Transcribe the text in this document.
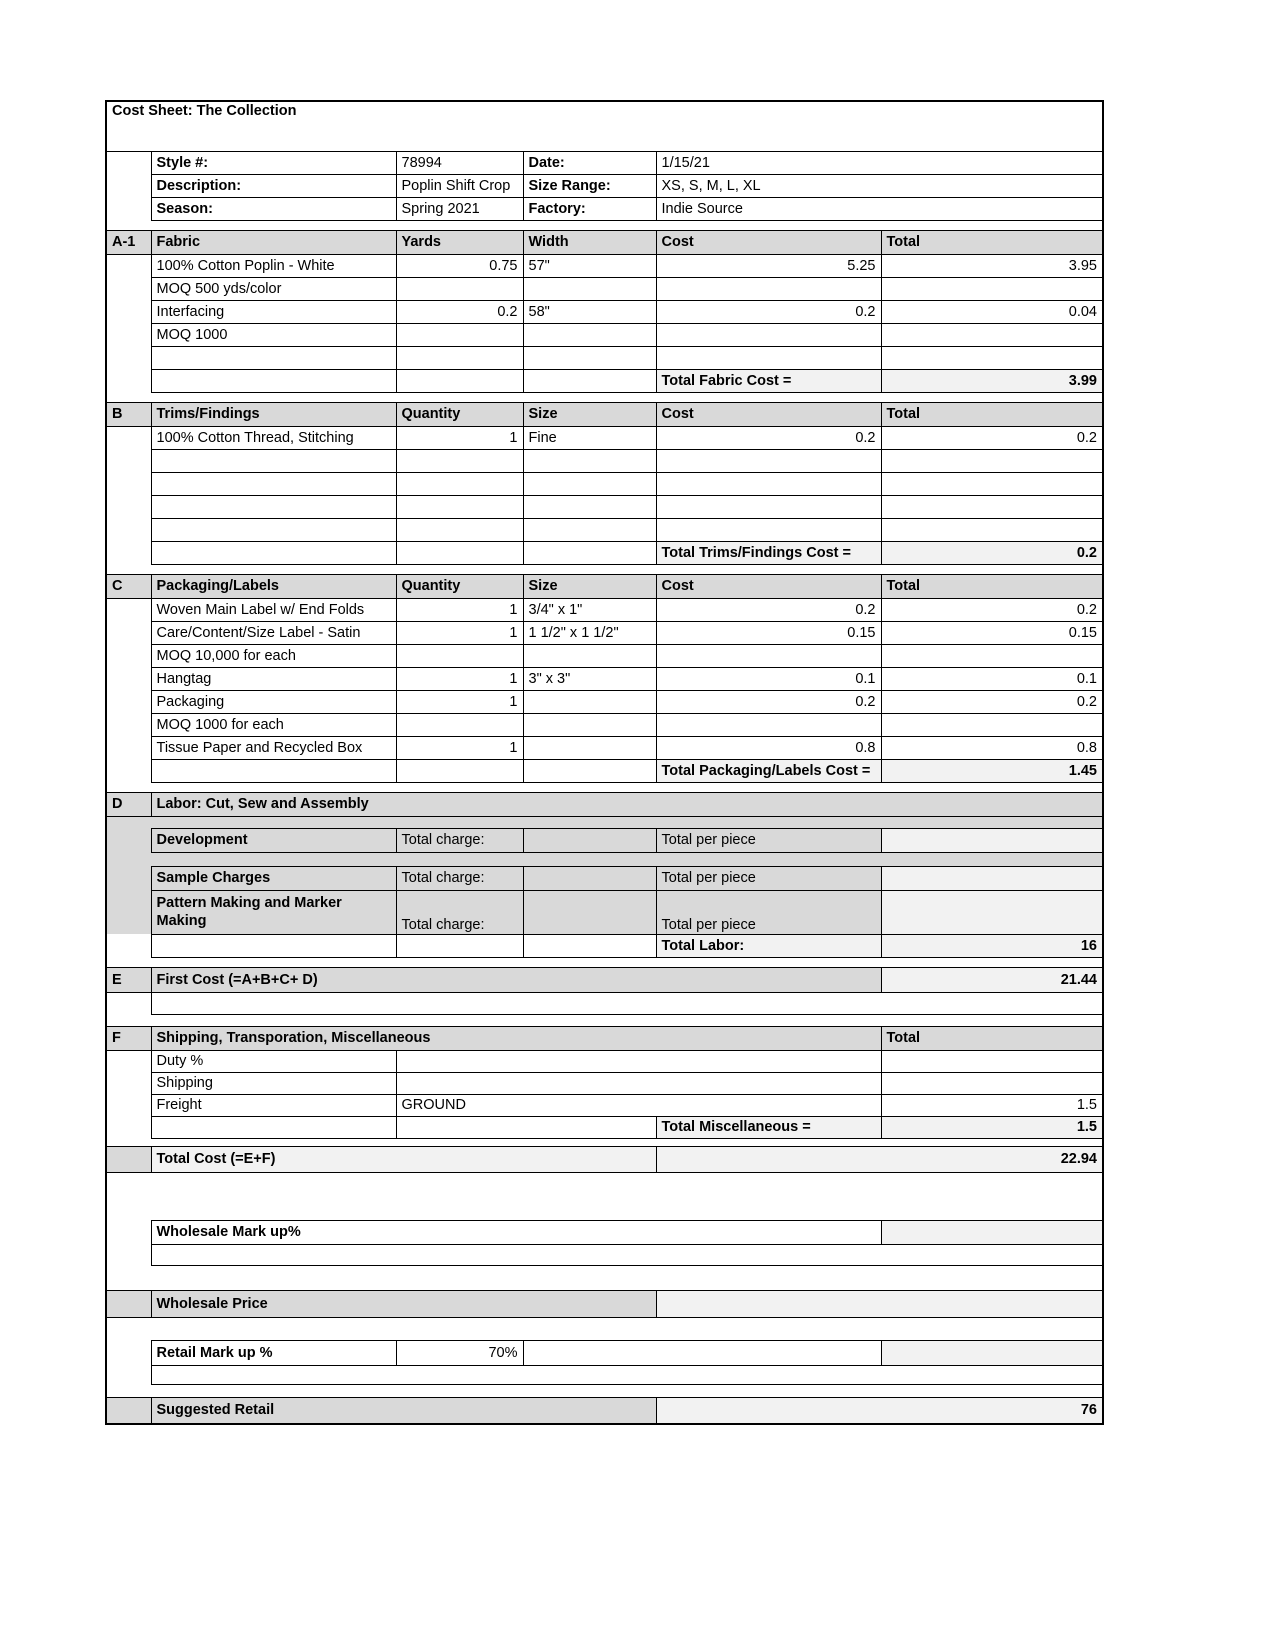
Cost Sheet: The Collection					
	Style #:	78994	Date:	1/15/21	
	Description:	Poplin Shift Crop	Size Range:	XS, S, M, L, XL	
	Season:	Spring 2021	Factory:	Indie Source	

A-1	Fabric	Yards	Width	Cost	Total
	100% Cotton Poplin - White	0.75	57"	5.25	3.95
	MOQ 500 yds/color				
	Interfacing	0.2	58"	0.2	0.04
	MOQ 1000				

				Total Fabric Cost =	3.99

B	Trims/Findings	Quantity	Size	Cost	Total
	100% Cotton Thread, Stitching	1	Fine	0.2	0.2

				Total Trims/Findings Cost =	0.2

C	Packaging/Labels	Quantity	Size	Cost	Total
	Woven Main Label w/ End Folds	1	3/4" x 1"	0.2	0.2
	Care/Content/Size Label - Satin	1	1 1/2" x 1 1/2"	0.15	0.15
	MOQ 10,000 for each				
	Hangtag	1	3" x 3"	0.1	0.1
	Packaging	1		0.2	0.2
	MOQ 1000 for each				
	Tissue Paper and Recycled Box	1		0.8	0.8
				Total Packaging/Labels Cost =	1.45

D	Labor: Cut, Sew and Assembly				

	Development	Total charge:		Total per piece	

	Sample Charges	Total charge:		Total per piece	
	Pattern Making and Marker Making	Total charge:		Total per piece	
				Total Labor:	16

E	First Cost (=A+B+C+ D)				21.44

F	Shipping, Transporation, Miscellaneous				Total
	Duty %				
	Shipping				
	Freight	GROUND			1.5
				Total Miscellaneous =	1.5

	Total Cost (=E+F)			22.94	

	Wholesale Mark up%				

	Wholesale Price				

	Retail Mark up %	70%			

	Suggested Retail			76	
